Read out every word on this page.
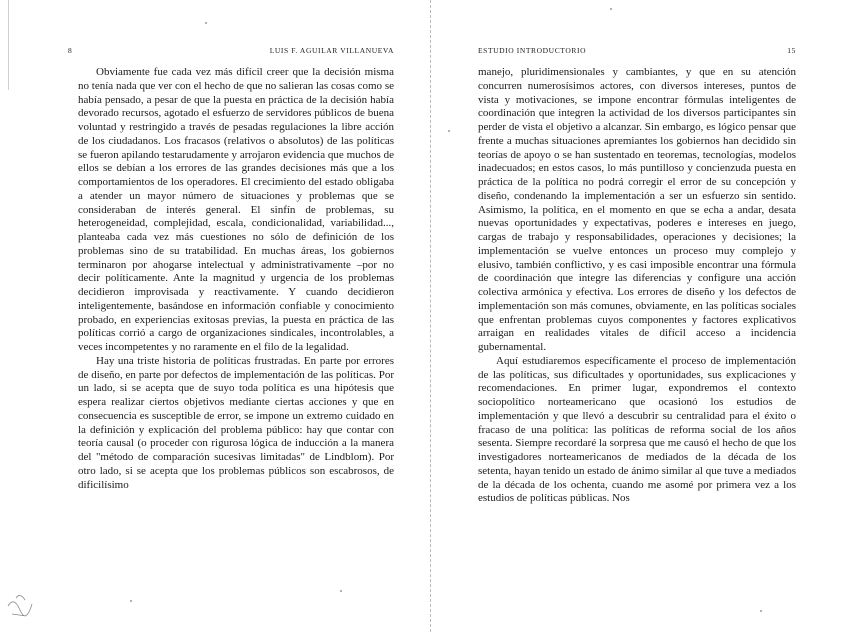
8	LUIS F. AGUILAR VILLANUEVA

Obviamente fue cada vez más difícil creer que la decisión misma no tenía nada que ver con el hecho de que no salieran las cosas como se había pensado, a pesar de que la puesta en práctica de la decisión había devorado recursos, agotado el esfuerzo de servidores públicos de buena voluntad y restringido a través de pesadas regulaciones la libre acción de los ciudadanos. Los fracasos (relativos o absolutos) de las políticas se fueron apilando testarudamente y arrojaron evidencia que muchos de ellos se debían a los errores de las grandes decisiones más que a los comportamientos de los operadores. El crecimiento del estado obligaba a atender un mayor número de situaciones y problemas que se consideraban de interés general. El sinfín de problemas, su heterogeneidad, complejidad, escala, condicionalidad, variabilidad..., planteaba cada vez más cuestiones no sólo de definición de los problemas sino de su tratabilidad. En muchas áreas, los gobiernos terminaron por ahogarse intelectual y administrativamente –por no decir políticamente. Ante la magnitud y urgencia de los problemas decidieron improvisada y reactivamente. Y cuando decidieron inteligentemente, basándose en información confiable y conocimiento probado, en experiencias exitosas previas, la puesta en práctica de las políticas corrió a cargo de organizaciones sindicales, incontrolables, a veces incompetentes y no raramente en el filo de la legalidad.

Hay una triste historia de políticas frustradas. En parte por errores de diseño, en parte por defectos de implementación de las políticas. Por un lado, si se acepta que de suyo toda política es una hipótesis que espera realizar ciertos objetivos mediante ciertas acciones y que en consecuencia es susceptible de error, se impone un extremo cuidado en la definición y explicación del problema público: hay que contar con teoría causal (o proceder con rigurosa lógica de inducción a la manera del "método de comparación sucesivas limitadas" de Lindblom). Por otro lado, si se acepta que los problemas públicos son escabrosos, de dificilísimo

ESTUDIO INTRODUCTORIO	15

manejo, pluridimensionales y cambiantes, y que en su atención concurren numerosísimos actores, con diversos intereses, puntos de vista y motivaciones, se impone encontrar fórmulas inteligentes de coordinación que integren la actividad de los diversos participantes sin perder de vista el objetivo a alcanzar. Sin embargo, es lógico pensar que frente a muchas situaciones apremiantes los gobiernos han decidido sin teorías de apoyo o se han sustentado en teoremas, tecnologías, modelos inadecuados; en estos casos, lo más puntilloso y concienzuda puesta en práctica de la política no podrá corregir el error de su concepción y diseño, condenando la implementación a ser un esfuerzo sin sentido. Asimismo, la política, en el momento en que se echa a andar, desata nuevas oportunidades y expectativas, poderes e intereses en juego, cargas de trabajo y responsabilidades, operaciones y decisiones; la implementación se vuelve entonces un proceso muy complejo y elusivo, también conflictivo, y es casi imposible encontrar una fórmula de coordinación que integre las diferencias y configure una acción colectiva armónica y efectiva. Los errores de diseño y los defectos de implementación son más comunes, obviamente, en las políticas sociales que enfrentan problemas cuyos componentes y factores explicativos arraigan en realidades vitales de difícil acceso a incidencia gubernamental.

Aquí estudiaremos específicamente el proceso de implementación de las políticas, sus dificultades y oportunidades, sus explicaciones y recomendaciones. En primer lugar, expondremos el contexto sociopolítico norteamericano que ocasionó los estudios de implementación y que llevó a descubrir su centralidad para el éxito o fracaso de una política: las políticas de reforma social de los años sesenta. Siempre recordaré la sorpresa que me causó el hecho de que los investigadores norteamericanos de mediados de la década de los setenta, hayan tenido un estado de ánimo similar al que tuve a mediados de la década de los ochenta, cuando me asomé por primera vez a los estudios de políticas públicas. Nos
